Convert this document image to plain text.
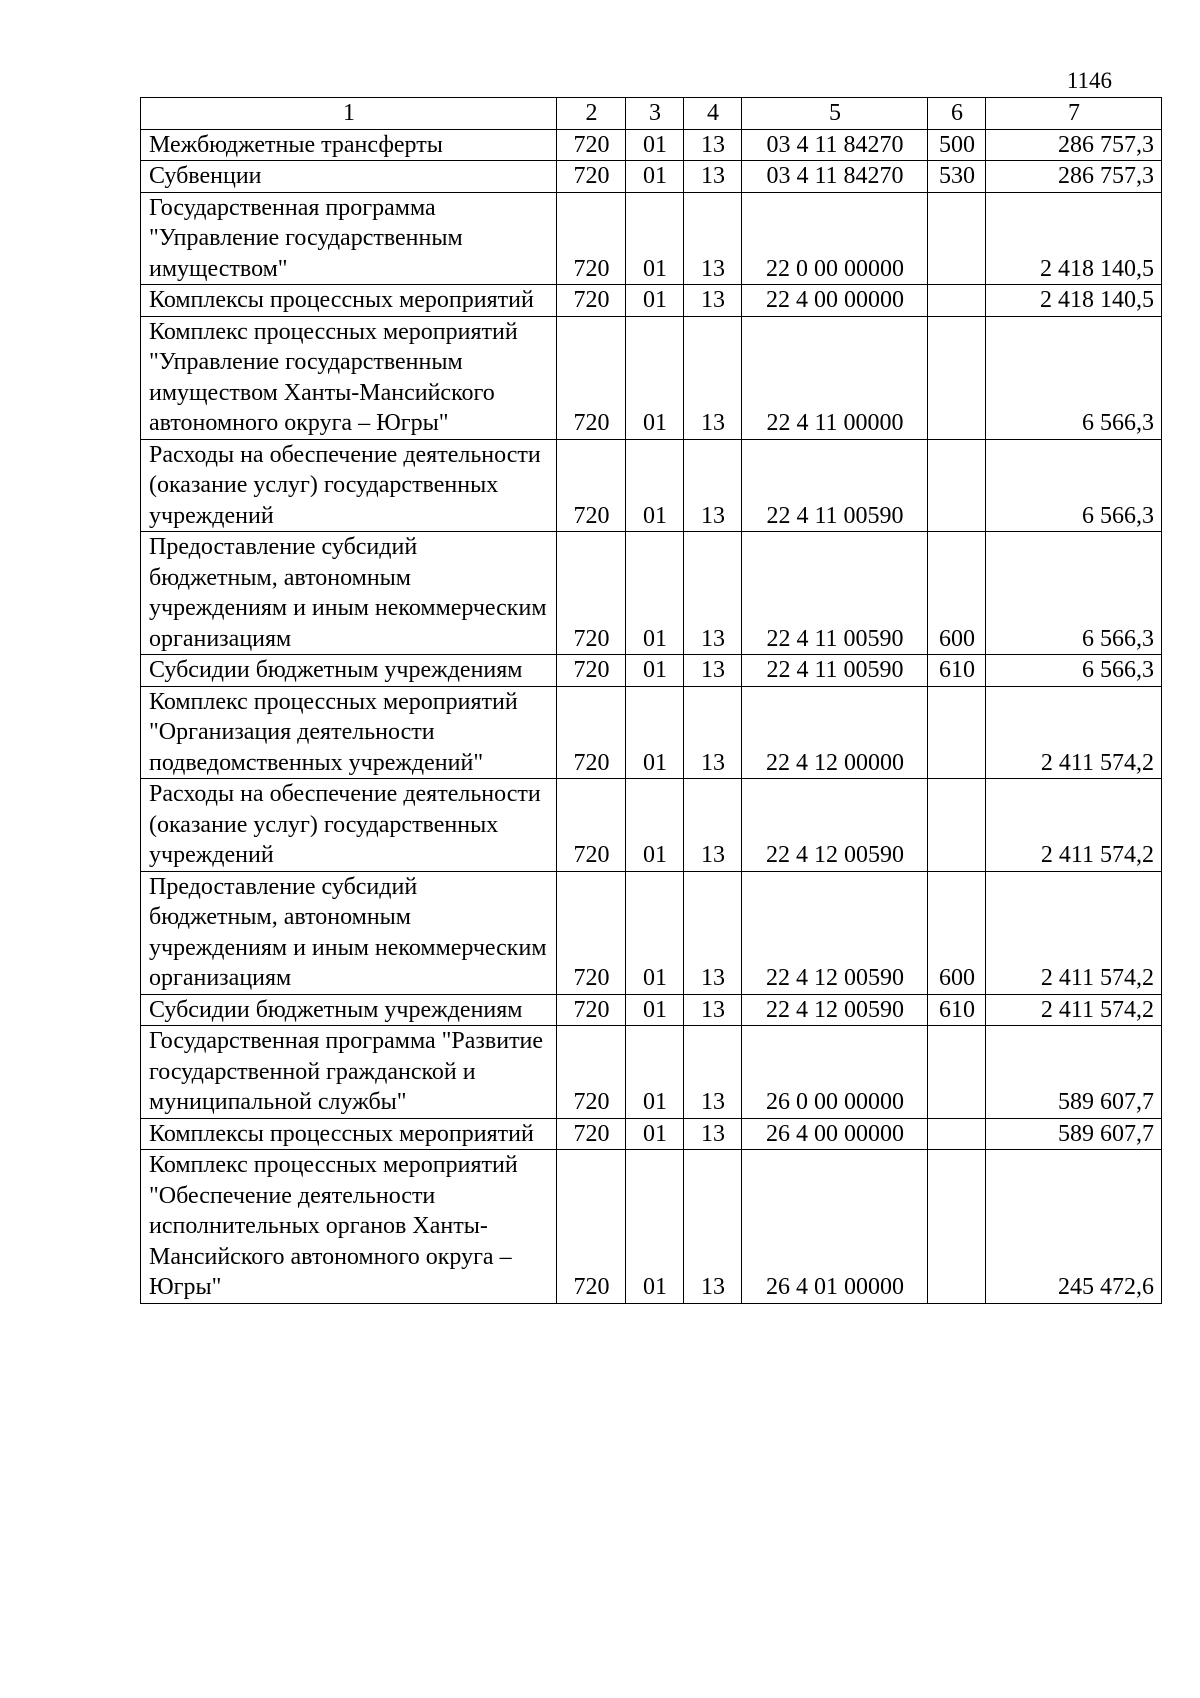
1146
1	2	3	4	5	6	7
Межбюджетные трансферты	720	01	13	03 4 11 84270	500	286 757,3
Субвенции	720	01	13	03 4 11 84270	530	286 757,3
Государственная программа "Управление государственным имуществом"	720	01	13	22 0 00 00000		2 418 140,5
Комплексы процессных мероприятий	720	01	13	22 4 00 00000		2 418 140,5
Комплекс процессных мероприятий "Управление государственным имуществом Ханты-Мансийского автономного округа – Югры"	720	01	13	22 4 11 00000		6 566,3
Расходы на обеспечение деятельности (оказание услуг) государственных учреждений	720	01	13	22 4 11 00590		6 566,3
Предоставление субсидий бюджетным, автономным учреждениям и иным некоммерческим организациям	720	01	13	22 4 11 00590	600	6 566,3
Субсидии бюджетным учреждениям	720	01	13	22 4 11 00590	610	6 566,3
Комплекс процессных мероприятий "Организация деятельности подведомственных учреждений"	720	01	13	22 4 12 00000		2 411 574,2
Расходы на обеспечение деятельности (оказание услуг) государственных учреждений	720	01	13	22 4 12 00590		2 411 574,2
Предоставление субсидий бюджетным, автономным учреждениям и иным некоммерческим организациям	720	01	13	22 4 12 00590	600	2 411 574,2
Субсидии бюджетным учреждениям	720	01	13	22 4 12 00590	610	2 411 574,2
Государственная программа "Развитие государственной гражданской и муниципальной службы"	720	01	13	26 0 00 00000		589 607,7
Комплексы процессных мероприятий	720	01	13	26 4 00 00000		589 607,7
Комплекс процессных мероприятий "Обеспечение деятельности исполнительных органов Ханты-Мансийского автономного округа – Югры"	720	01	13	26 4 01 00000		245 472,6
